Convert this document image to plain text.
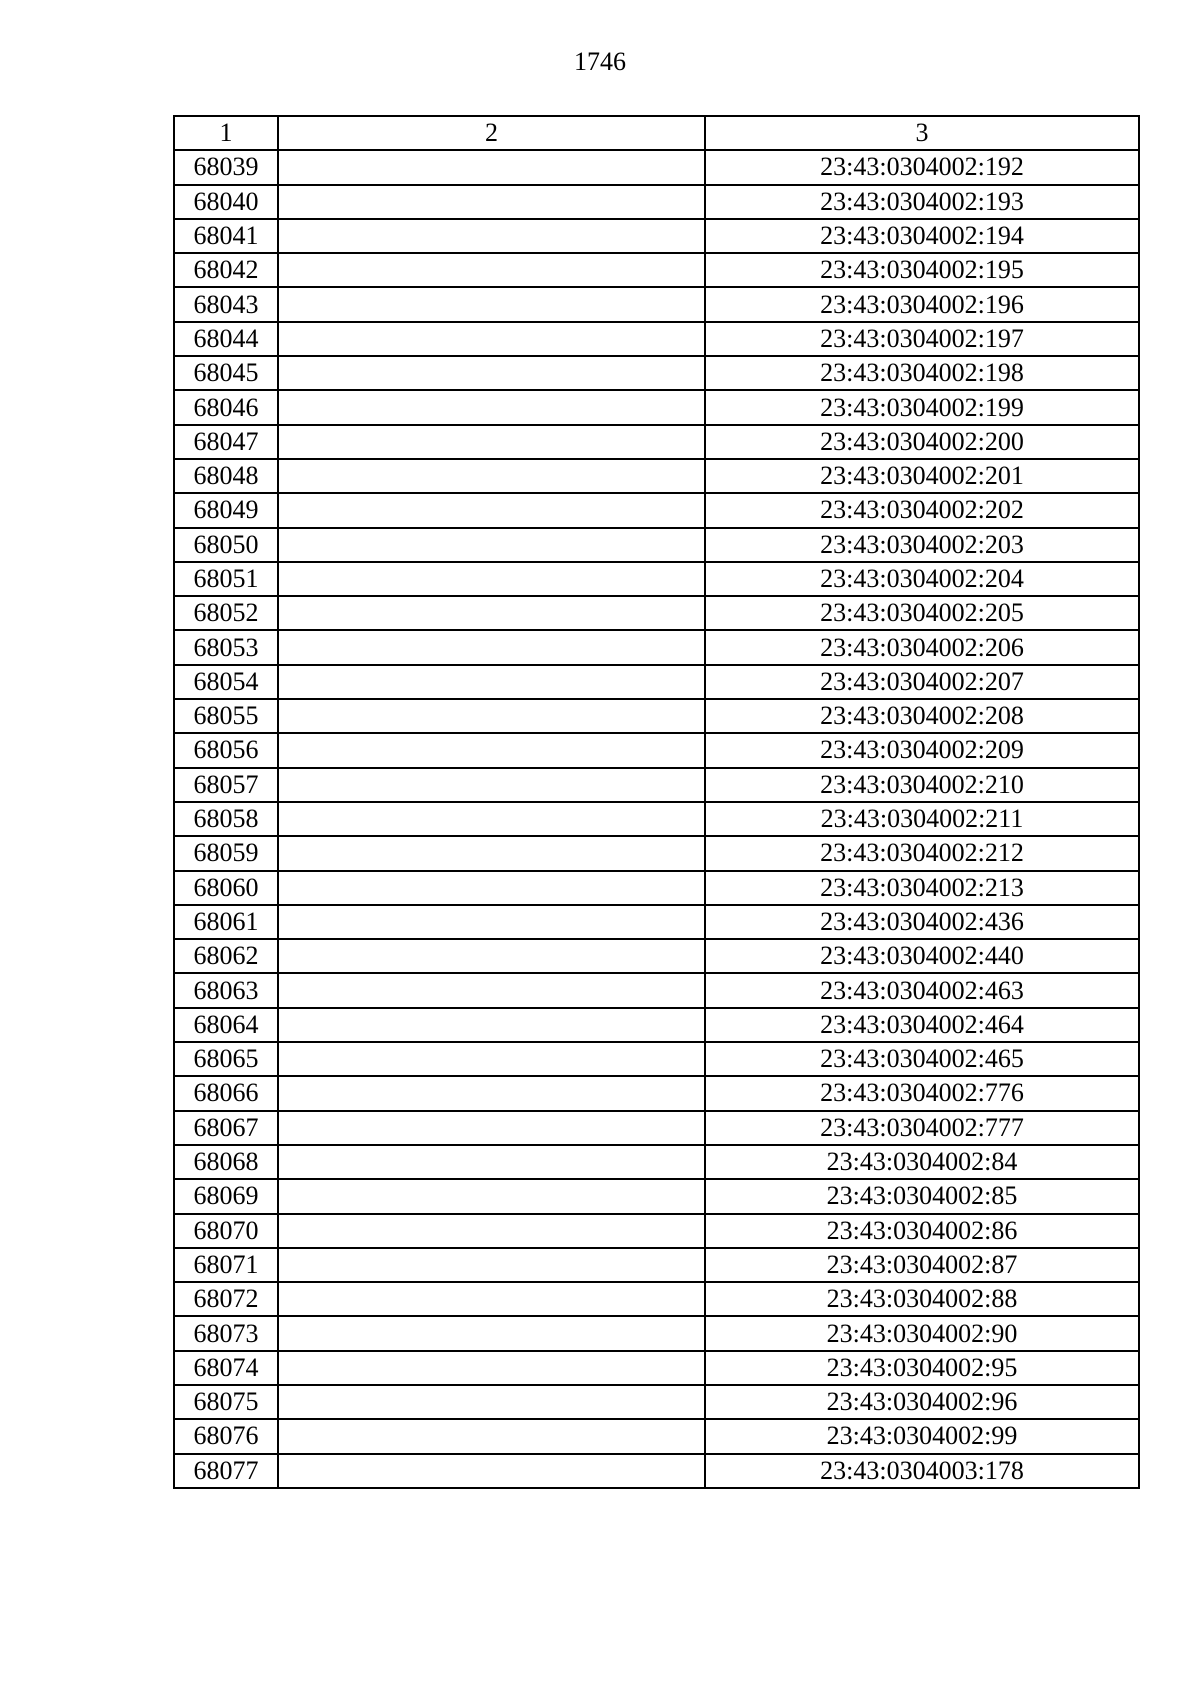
1746
1	2	3
68039		23:43:0304002:192
68040		23:43:0304002:193
68041		23:43:0304002:194
68042		23:43:0304002:195
68043		23:43:0304002:196
68044		23:43:0304002:197
68045		23:43:0304002:198
68046		23:43:0304002:199
68047		23:43:0304002:200
68048		23:43:0304002:201
68049		23:43:0304002:202
68050		23:43:0304002:203
68051		23:43:0304002:204
68052		23:43:0304002:205
68053		23:43:0304002:206
68054		23:43:0304002:207
68055		23:43:0304002:208
68056		23:43:0304002:209
68057		23:43:0304002:210
68058		23:43:0304002:211
68059		23:43:0304002:212
68060		23:43:0304002:213
68061		23:43:0304002:436
68062		23:43:0304002:440
68063		23:43:0304002:463
68064		23:43:0304002:464
68065		23:43:0304002:465
68066		23:43:0304002:776
68067		23:43:0304002:777
68068		23:43:0304002:84
68069		23:43:0304002:85
68070		23:43:0304002:86
68071		23:43:0304002:87
68072		23:43:0304002:88
68073		23:43:0304002:90
68074		23:43:0304002:95
68075		23:43:0304002:96
68076		23:43:0304002:99
68077		23:43:0304003:178
